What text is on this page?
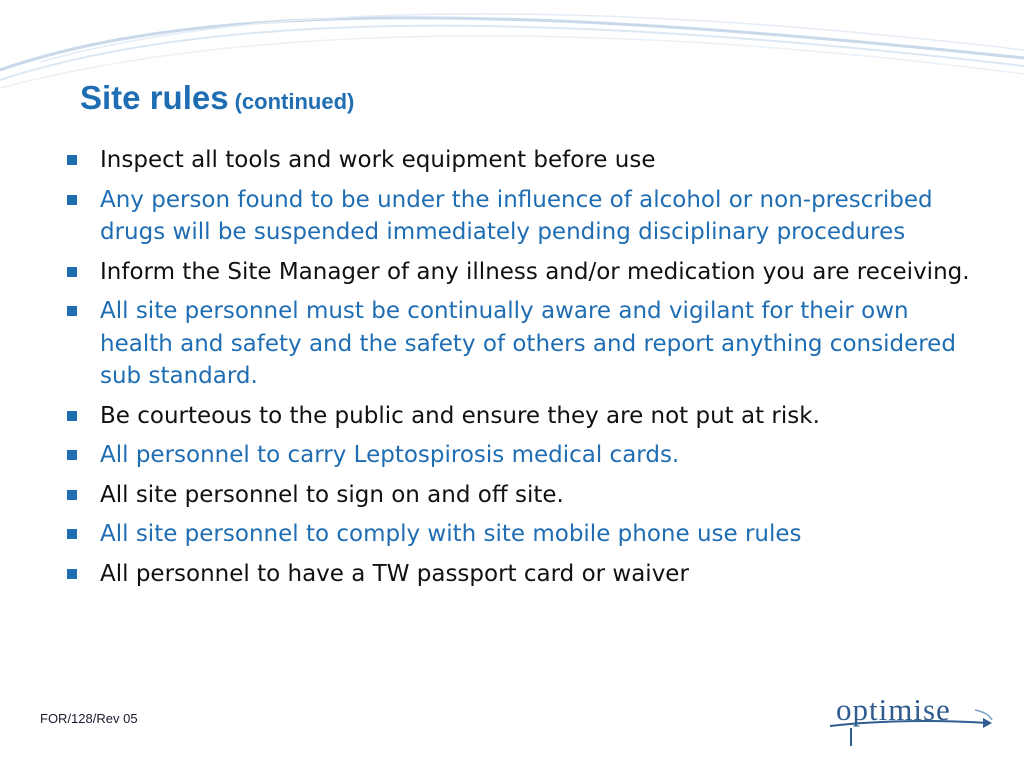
Site rules (continued)
Inspect all tools and work equipment before use
Any person found to be under the influence of alcohol or non-prescribed drugs will be suspended immediately pending disciplinary procedures
Inform the Site Manager of any illness and/or medication you are receiving.
All site personnel must be continually aware and vigilant for their own health and safety and the safety of others and report anything considered sub standard.
Be courteous to the public and ensure they are not put at risk.
All personnel to carry Leptospirosis medical cards.
All site personnel to sign on and off site.
All site personnel to comply with site mobile phone use rules
All personnel to have a TW passport card or waiver
FOR/128/Rev 05	optimise
